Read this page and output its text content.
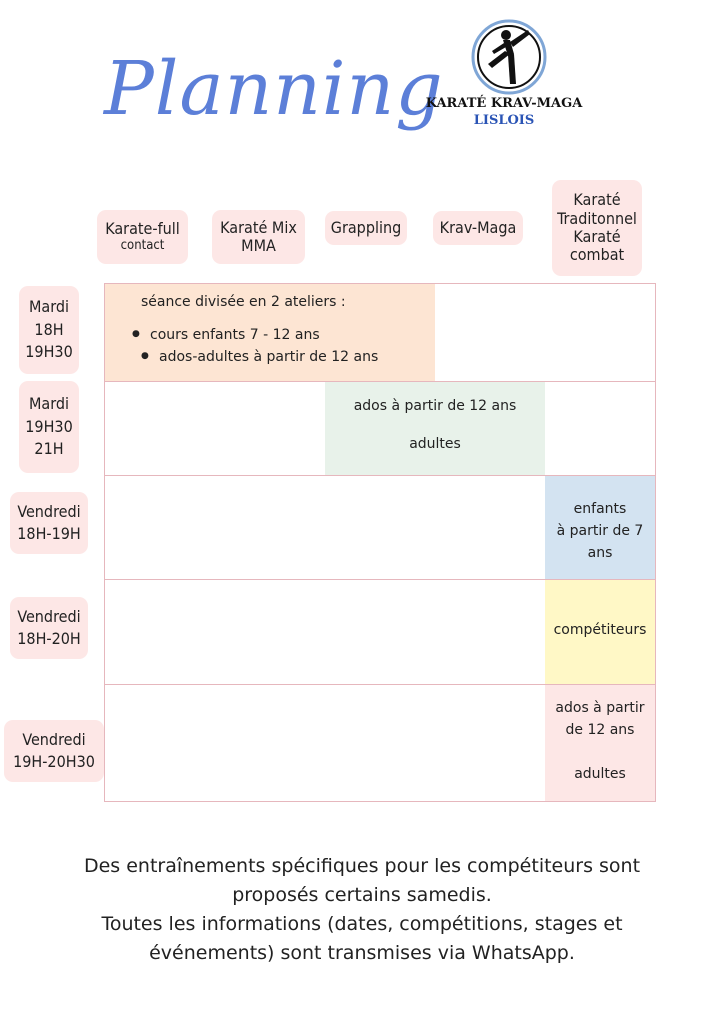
Planning
KARATÉ KRAV-MAGA
LISLOIS
Karate-full
contact
Karaté Mix
MMA
Grappling Krav-Maga
Karaté
Traditonnel
Karaté
combat
séance divisée en 2 ateliers :
● cours enfants 7 - 12 ans
● ados-adultes à partir de 12 ans
ados à partir de 12 ans
adultes
enfants
à partir de 7
ans
compétiteurs
ados à partir
de 12 ans
adultes
Mardi
18H
19H30
Mardi
19H30
21H
Vendredi
18H-19H
Vendredi
18H-20H
Vendredi
19H-20H30
Des entraînements spécifiques pour les compétiteurs sont
proposés certains samedis.
Toutes les informations (dates, compétitions, stages et
événements) sont transmises via WhatsApp.
